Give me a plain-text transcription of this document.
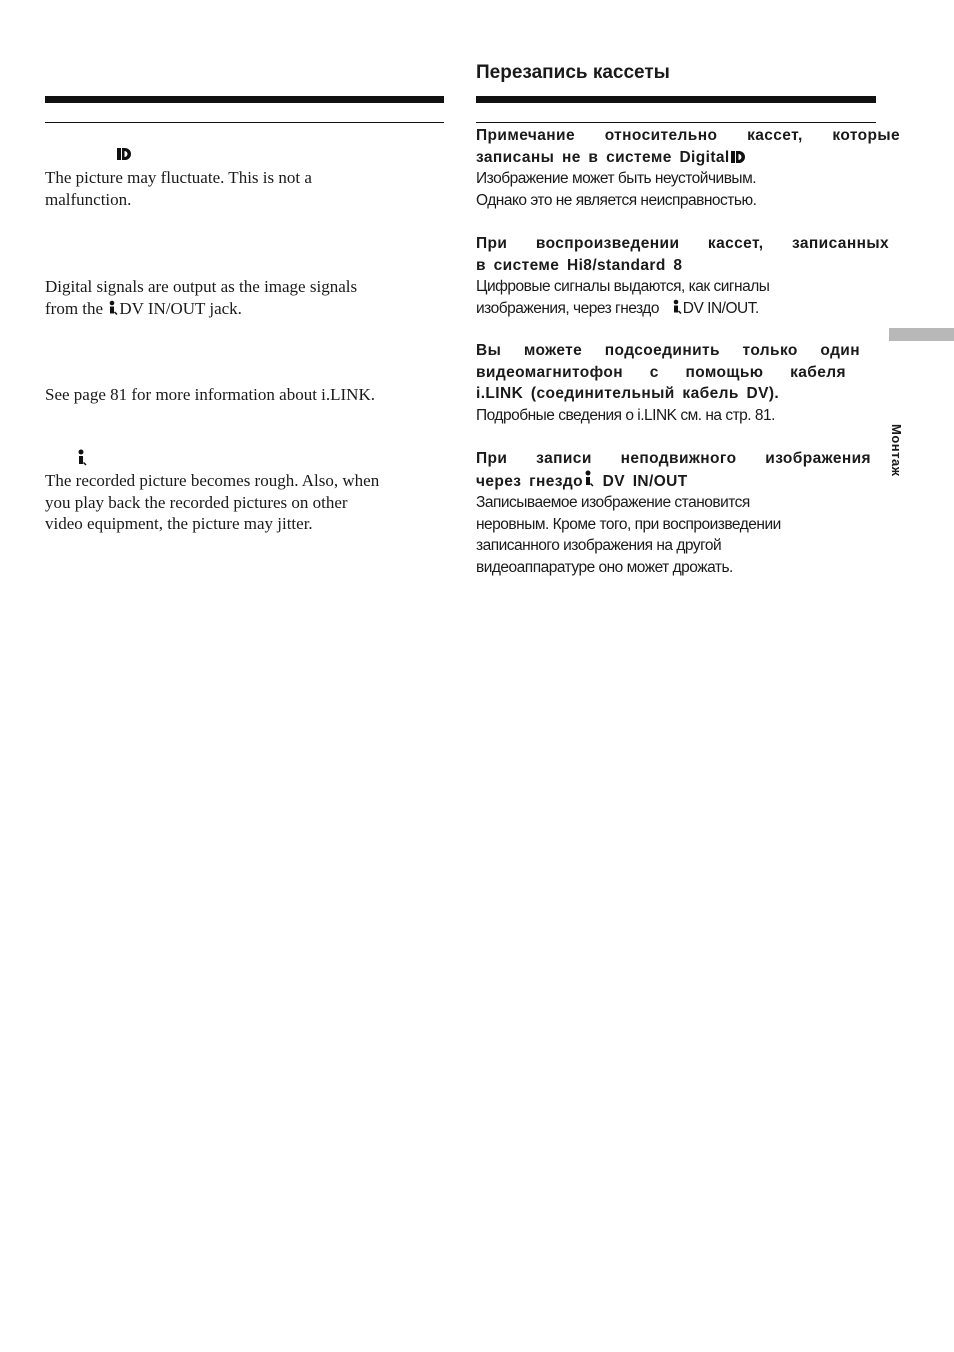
Перезапись кассеты

The picture may fluctuate. This is not a
malfunction.

Digital signals are output as the image signals
from the DV IN/OUT jack.

See page 81 for more information about i.LINK.

The recorded picture becomes rough. Also, when
you play back the recorded pictures on other
video equipment, the picture may jitter.

Примечание относительно кассет, которые
записаны не в системе Digital

Изображение может быть неустойчивым.
Однако это не является неисправностью.

При воспроизведении кассет, записанных
в системе Hi8/standard 8

Цифровые сигналы выдаются, как сигналы
изображения, через гнездо DV IN/OUT.

Вы можете подсоединить только один
видеомагнитофон с помощью кабеля
i.LINK (соединительный кабель DV).

Подробные сведения о i.LINK см. на стр. 81.

При записи неподвижного изображения
через гнездо DV IN/OUT

Записываемое изображение становится
неровным. Кроме того, при воспроизведении
записанного изображения на другой
видеоаппаратуре оно может дрожать.

Монтаж
